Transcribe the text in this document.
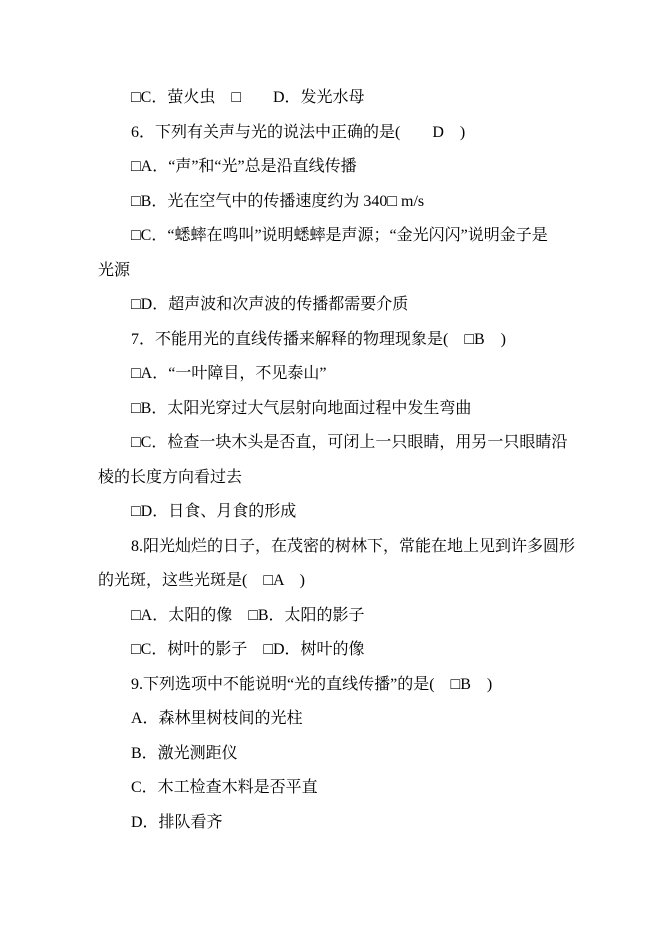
□C．萤火虫　□　　D．发光水母
6．下列有关声与光的说法中正确的是(　　D　)
□A．“声”和“光”总是沿直线传播
□B．光在空气中的传播速度约为 340□ m/s
□C．“蟋蟀在鸣叫”说明蟋蟀是声源；“金光闪闪”说明金子是
光源
□D．超声波和次声波的传播都需要介质
7．不能用光的直线传播来解释的物理现象是(　□B　)
□A．“一叶障目，不见泰山”
□B．太阳光穿过大气层射向地面过程中发生弯曲
□C．检查一块木头是否直，可闭上一只眼睛，用另一只眼睛沿
棱的长度方向看过去
□D．日食、月食的形成
8.阳光灿烂的日子，在茂密的树林下，常能在地上见到许多圆形
的光斑，这些光斑是(　□A　)
□A．太阳的像　□B．太阳的影子
□C．树叶的影子　□D．树叶的像
9.下列选项中不能说明“光的直线传播”的是(　□B　)
A．森林里树枝间的光柱
B．激光测距仪
C．木工检查木料是否平直
D．排队看齐
